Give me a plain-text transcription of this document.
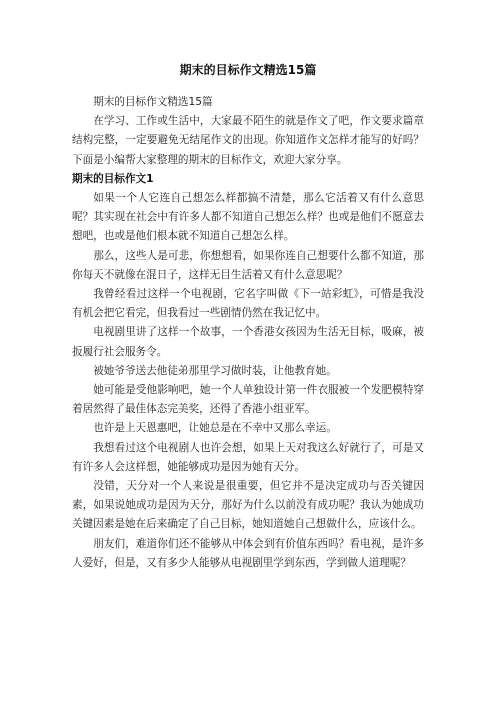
期末的目标作文精选15篇

期末的目标作文精选15篇

在学习、工作或生活中，大家最不陌生的就是作文了吧，作文要求篇章结构完整，一定要避免无结尾作文的出现。你知道作文怎样才能写的好吗？下面是小编帮大家整理的期末的目标作文，欢迎大家分享。

期末的目标作文1

如果一个人它连自己想怎么样都搞不清楚，那么它活着又有什么意思呢？其实现在社会中有许多人都不知道自己想怎么样？也或是他们不愿意去想吧，也或是他们根本就不知道自己想怎么样。

那么，这些人是可悲，你想想看，如果你连自己想要什么都不知道，那你每天不就像在混日子，这样无目生活着又有什么意思呢？

我曾经看过这样一个电视剧，它名字叫做《下一站彩虹》，可惜是我没有机会把它看完，但我看过一些剧情仍然在我记忆中。

电视剧里讲了这样一个故事，一个香港女孩因为生活无目标，吸麻，被扳履行社会服务令。

被她爷爷送去他徒弟那里学习做时装，让他教育她。

她可能是受他影响吧，她一个人单独设计第一件衣服被一个发肥模特穿着居然得了最佳体态完美奖，还得了香港小组亚军。

也许是上天恩惠吧，让她总是在不幸中又那么幸运。

我想看过这个电视剧人也许会想，如果上天对我这么好就行了，可是又有许多人会这样想，她能够成功是因为她有天分。

没错，天分对一个人来说是很重要，但它并不是决定成功与否关键因素，如果说她成功是因为天分，那好为什么以前没有成功呢？我认为她成功关键因素是她在后来确定了自己目标，她知道她自己想做什么，应该什么。

朋友们，难道你们还不能够从中体会到有价值东西吗？看电视，是许多人爱好，但是，又有多少人能够从电视剧里学到东西，学到做人道理呢？
